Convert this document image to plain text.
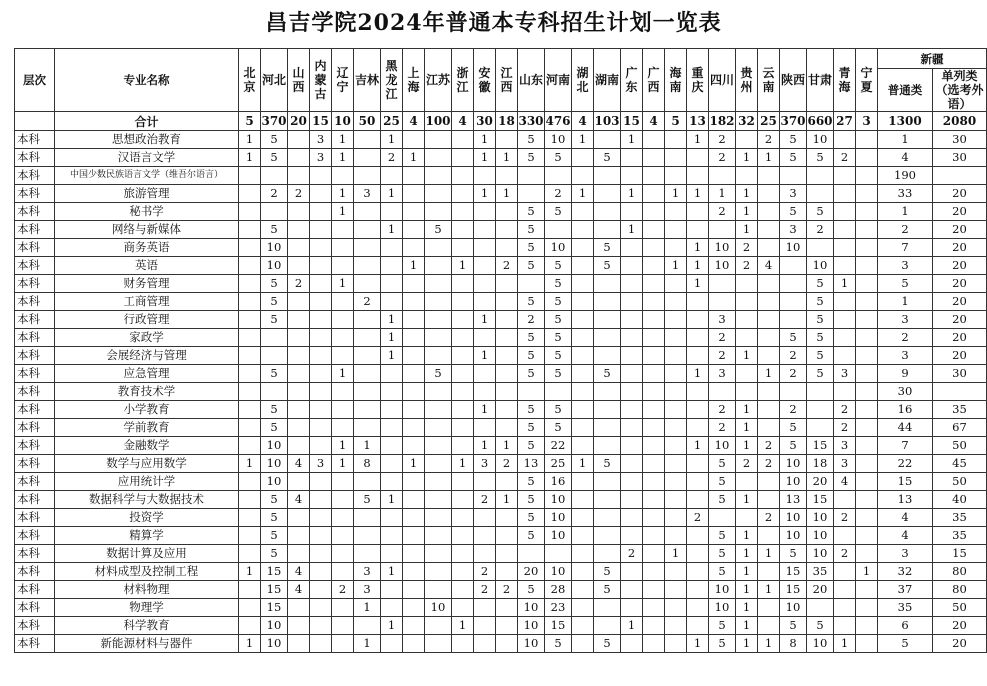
昌吉学院2024年普通本专科招生计划一览表
层次	专业名称	北京	河北	山西	内蒙古	辽宁	吉林	黑龙江	上海	江苏	浙江	安徽	江西	山东	河南	湖北	湖南	广东	广西	海南	重庆	四川	贵州	云南	陕西	甘肃	青海	宁夏	新疆	
																													普通类	单列类（选考外语）

	合计	5	370	20	15	10	50	25	4	100	4	30	18	330	476	4	103	15	4	5	13	182	32	25	370	660	27	3	1300	2080
本科	思想政治教育	1	5		3	1		1				1		5	10	1		1			1	2		2	5	10			1	30
本科	汉语言文学	1	5		3	1		2	1			1	1	5	5		5					2	1	1	5	5	2		4	30
本科	中国少数民族语言文学（维吾尔语言）																												190	
本科	旅游管理		2	2		1	3	1				1	1		2	1		1		1	1	1	1		3				33	20
本科	秘书学					1								5	5							2	1		5	5			1	20
本科	网络与新媒体		5					1		5				5				1					1		3	2			2	20
本科	商务英语		10											5	10		5				1	10	2		10				7	20
本科	英语		10						1		1		2	5	5		5			1	1	10	2	4		10			3	20
本科	财务管理		5	2		1									5						1					5	1		5	20
本科	工商管理		5				2							5	5											5			1	20
本科	行政管理		5					1				1		2	5							3				5			3	20
本科	家政学							1						5	5							2			5	5			2	20
本科	会展经济与管理							1				1		5	5							2	1		2	5			3	20
本科	应急管理		5			1				5				5	5		5				1	3		1	2	5	3		9	30
本科	教育技术学																												30	
本科	小学教育		5									1		5	5							2	1		2		2		16	35
本科	学前教育		5											5	5							2	1		5		2		44	67
本科	金融数学		10			1	1					1	1	5	22						1	10	1	2	5	15	3		7	50
本科	数学与应用数学	1	10	4	3	1	8		1		1	3	2	13	25	1	5					5	2	2	10	18	3		22	45
本科	应用统计学		10											5	16							5			10	20	4		15	50
本科	数据科学与大数据技术		5	4			5	1				2	1	5	10							5	1		13	15			13	40
本科	投资学		5											5	10						2			2	10	10	2		4	35
本科	精算学		5											5	10							5	1		10	10			4	35
本科	数据计算及应用		5															2		1		5	1	1	5	10	2		3	15
本科	材料成型及控制工程	1	15	4			3	1				2		20	10		5					5	1		15	35		1	32	80
本科	材料物理		15	4		2	3					2	2	5	28		5					10	1	1	15	20			37	80
本科	物理学		15				1			10				10	23							10	1		10				35	50
本科	科学教育		10					1			1			10	15			1				5	1		5	5			6	20
本科	新能源材料与器件	1	10				1							10	5		5				1	5	1	1	8	10	1		5	20
